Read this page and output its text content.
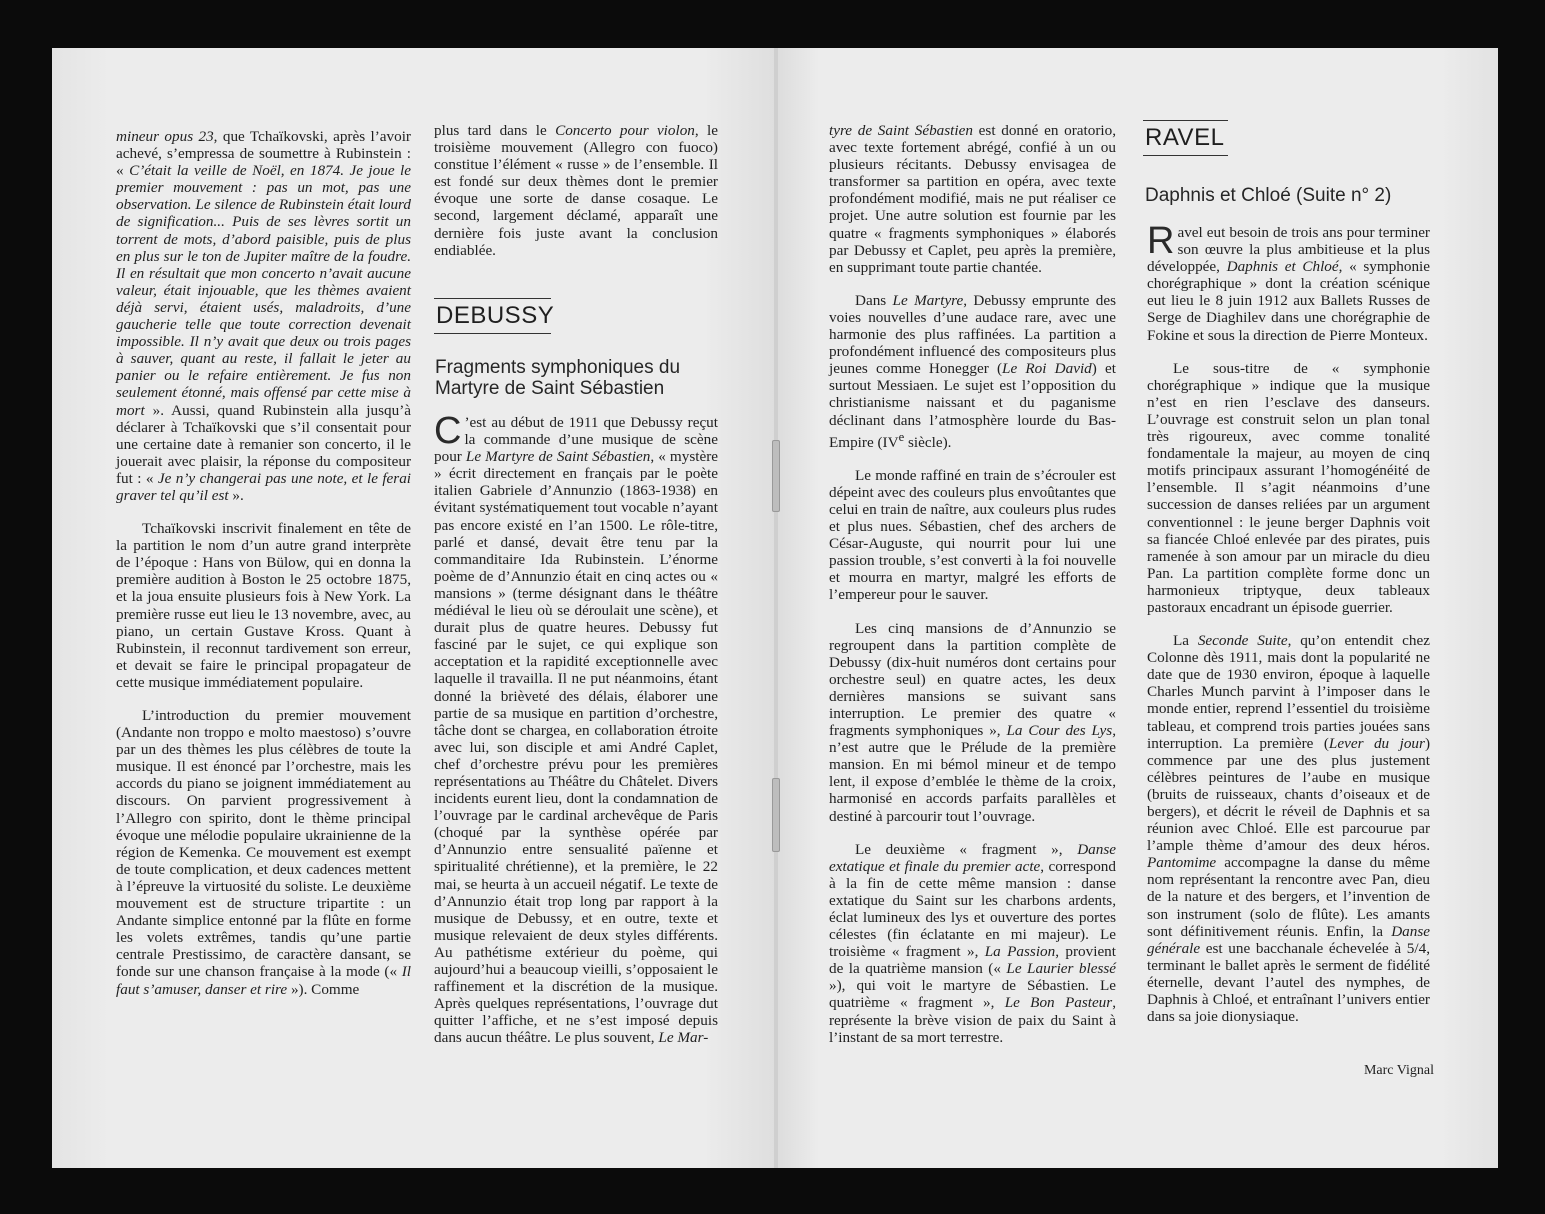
mineur opus 23, que Tchaïkovski, après l’avoir achevé, s’empressa de soumettre à Rubinstein : « C’était la veille de Noël, en 1874. Je joue le premier mouvement : pas un mot, pas une observation. Le silence de Rubinstein était lourd de signification... Puis de ses lèvres sortit un torrent de mots, d’abord paisible, puis de plus en plus sur le ton de Jupiter maître de la foudre. Il en résultait que mon concerto n’avait aucune valeur, était injouable, que les thèmes avaient déjà servi, étaient usés, maladroits, d’une gaucherie telle que toute correction devenait impossible. Il n’y avait que deux ou trois pages à sauver, quant au reste, il fallait le jeter au panier ou le refaire entièrement. Je fus non seulement étonné, mais offensé par cette mise à mort ». Aussi, quand Rubinstein alla jusqu’à déclarer à Tchaïkovski que s’il consentait pour une certaine date à remanier son concerto, il le jouerait avec plaisir, la réponse du compositeur fut : « Je n’y changerai pas une note, et le ferai graver tel qu’il est ».

Tchaïkovski inscrivit finalement en tête de la partition le nom d’un autre grand interprète de l’époque : Hans von Bülow, qui en donna la première audition à Boston le 25 octobre 1875, et la joua ensuite plusieurs fois à New York. La première russe eut lieu le 13 novembre, avec, au piano, un certain Gustave Kross. Quant à Rubinstein, il reconnut tardivement son erreur, et devait se faire le principal propagateur de cette musique immédiatement populaire.

L’introduction du premier mouvement (Andante non troppo e molto maestoso) s’ouvre par un des thèmes les plus célèbres de toute la musique. Il est énoncé par l’orchestre, mais les accords du piano se joignent immédiatement au discours. On parvient progressivement à l’Allegro con spirito, dont le thème principal évoque une mélodie populaire ukrainienne de la région de Kemenka. Ce mouvement est exempt de toute complication, et deux cadences mettent à l’épreuve la virtuosité du soliste. Le deuxième mouvement est de structure tripartite : un Andante simplice entonné par la flûte en forme les volets extrêmes, tandis qu’une partie centrale Prestissimo, de caractère dansant, se fonde sur une chanson française à la mode (« Il faut s’amuser, danser et rire »). Comme

plus tard dans le Concerto pour violon, le troisième mouvement (Allegro con fuoco) constitue l’élément « russe » de l’ensemble. Il est fondé sur deux thèmes dont le premier évoque une sorte de danse cosaque. Le second, largement déclamé, apparaît une dernière fois juste avant la conclusion endiablée.

DEBUSSY
Fragments symphoniques du Martyre de Saint Sébastien

C ’est au début de 1911 que Debussy reçut la commande d’une musique de scène pour Le Martyre de Saint Sébastien, « mystère » écrit directement en français par le poète italien Gabriele d’Annunzio (1863-1938) en évitant systématiquement tout vocable n’ayant pas encore existé en l’an 1500. Le rôle-titre, parlé et dansé, devait être tenu par la commanditaire Ida Rubinstein. L’énorme poème de d’Annunzio était en cinq actes ou « mansions » (terme désignant dans le théâtre médiéval le lieu où se déroulait une scène), et durait plus de quatre heures. Debussy fut fasciné par le sujet, ce qui explique son acceptation et la rapidité exceptionnelle avec laquelle il travailla. Il ne put néanmoins, étant donné la brièveté des délais, élaborer une partie de sa musique en partition d’orchestre, tâche dont se chargea, en collaboration étroite avec lui, son disciple et ami André Caplet, chef d’orchestre prévu pour les premières représentations au Théâtre du Châtelet. Divers incidents eurent lieu, dont la condamnation de l’ouvrage par le cardinal archevêque de Paris (choqué par la synthèse opérée par d’Annunzio entre sensualité païenne et spiritualité chrétienne), et la première, le 22 mai, se heurta à un accueil négatif. Le texte de d’Annunzio était trop long par rapport à la musique de Debussy, et en outre, texte et musique relevaient de deux styles différents. Au pathétisme extérieur du poème, qui aujourd’hui a beaucoup vieilli, s’opposaient le raffinement et la discrétion de la musique. Après quelques représentations, l’ouvrage dut quitter l’affiche, et ne s’est imposé depuis dans aucun théâtre. Le plus souvent, Le Mar-

tyre de Saint Sébastien est donné en oratorio, avec texte fortement abrégé, confié à un ou plusieurs récitants. Debussy envisagea de transformer sa partition en opéra, avec texte profondément modifié, mais ne put réaliser ce projet. Une autre solution est fournie par les quatre « fragments symphoniques » élaborés par Debussy et Caplet, peu après la première, en supprimant toute partie chantée.

Dans Le Martyre, Debussy emprunte des voies nouvelles d’une audace rare, avec une harmonie des plus raffinées. La partition a profondément influencé des compositeurs plus jeunes comme Honegger (Le Roi David) et surtout Messiaen. Le sujet est l’opposition du christianisme naissant et du paganisme déclinant dans l’atmosphère lourde du Bas-Empire (IVe siècle).

Le monde raffiné en train de s’écrouler est dépeint avec des couleurs plus envoûtantes que celui en train de naître, aux couleurs plus rudes et plus nues. Sébastien, chef des archers de César-Auguste, qui nourrit pour lui une passion trouble, s’est converti à la foi nouvelle et mourra en martyr, malgré les efforts de l’empereur pour le sauver.

Les cinq mansions de d’Annunzio se regroupent dans la partition complète de Debussy (dix-huit numéros dont certains pour orchestre seul) en quatre actes, les deux dernières mansions se suivant sans interruption. Le premier des quatre « fragments symphoniques », La Cour des Lys, n’est autre que le Prélude de la première mansion. En mi bémol mineur et de tempo lent, il expose d’emblée le thème de la croix, harmonisé en accords parfaits parallèles et destiné à parcourir tout l’ouvrage.

Le deuxième « fragment », Danse extatique et finale du premier acte, correspond à la fin de cette même mansion : danse extatique du Saint sur les charbons ardents, éclat lumineux des lys et ouverture des portes célestes (fin éclatante en mi majeur). Le troisième « fragment », La Passion, provient de la quatrième mansion (« Le Laurier blessé »), qui voit le martyre de Sébastien. Le quatrième « fragment », Le Bon Pasteur, représente la brève vision de paix du Saint à l’instant de sa mort terrestre.

RAVEL
Daphnis et Chloé (Suite n° 2)

Ravel eut besoin de trois ans pour terminer son œuvre la plus ambitieuse et la plus développée, Daphnis et Chloé, « symphonie chorégraphique » dont la création scénique eut lieu le 8 juin 1912 aux Ballets Russes de Serge de Diaghilev dans une chorégraphie de Fokine et sous la direction de Pierre Monteux.

Le sous-titre de « symphonie chorégraphique » indique que la musique n’est en rien l’esclave des danseurs. L’ouvrage est construit selon un plan tonal très rigoureux, avec comme tonalité fondamentale la majeur, au moyen de cinq motifs principaux assurant l’homogénéité de l’ensemble. Il s’agit néanmoins d’une succession de danses reliées par un argument conventionnel : le jeune berger Daphnis voit sa fiancée Chloé enlevée par des pirates, puis ramenée à son amour par un miracle du dieu Pan. La partition complète forme donc un harmonieux triptyque, deux tableaux pastoraux encadrant un épisode guerrier.

La Seconde Suite, qu’on entendit chez Colonne dès 1911, mais dont la popularité ne date que de 1930 environ, époque à laquelle Charles Munch parvint à l’imposer dans le monde entier, reprend l’essentiel du troisième tableau, et comprend trois parties jouées sans interruption. La première (Lever du jour) commence par une des plus justement célèbres peintures de l’aube en musique (bruits de ruisseaux, chants d’oiseaux et de bergers), et décrit le réveil de Daphnis et sa réunion avec Chloé. Elle est parcourue par l’ample thème d’amour des deux héros. Pantomime accompagne la danse du même nom représentant la rencontre avec Pan, dieu de la nature et des bergers, et l’invention de son instrument (solo de flûte). Les amants sont définitivement réunis. Enfin, la Danse générale est une bacchanale échevelée à 5/4, terminant le ballet après le serment de fidélité éternelle, devant l’autel des nymphes, de Daphnis à Chloé, et entraînant l’univers entier dans sa joie dionysiaque.

Marc Vignal
